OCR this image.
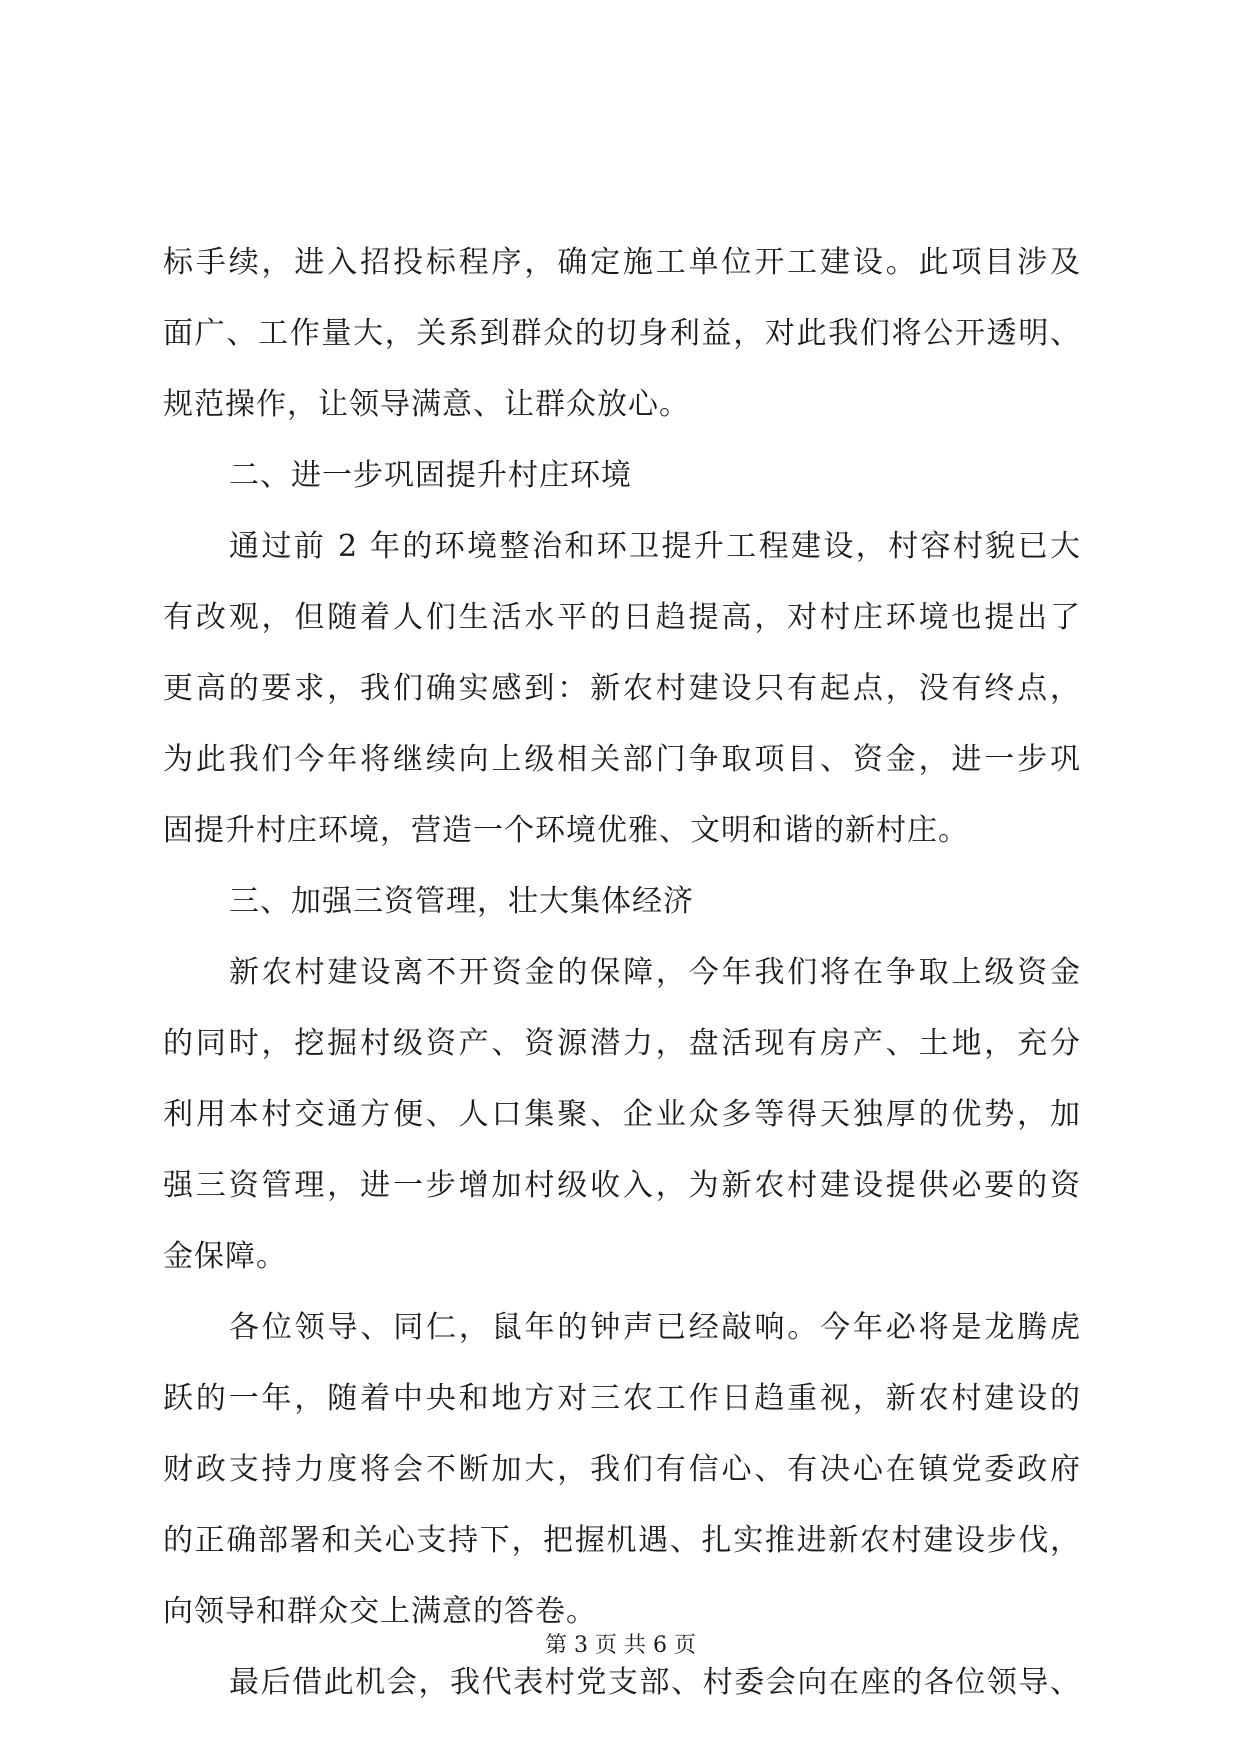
标手续，进入招投标程序，确定施工单位开工建设。此项目涉及
面广、工作量大，关系到群众的切身利益，对此我们将公开透明、
规范操作，让领导满意、让群众放心。
二、进一步巩固提升村庄环境
通过前 2 年的环境整治和环卫提升工程建设，村容村貌已大
有改观，但随着人们生活水平的日趋提高，对村庄环境也提出了
更高的要求，我们确实感到：新农村建设只有起点，没有终点，
为此我们今年将继续向上级相关部门争取项目、资金，进一步巩
固提升村庄环境，营造一个环境优雅、文明和谐的新村庄。
三、加强三资管理，壮大集体经济
新农村建设离不开资金的保障，今年我们将在争取上级资金
的同时，挖掘村级资产、资源潜力，盘活现有房产、土地，充分
利用本村交通方便、人口集聚、企业众多等得天独厚的优势，加
强三资管理，进一步增加村级收入，为新农村建设提供必要的资
金保障。
各位领导、同仁，鼠年的钟声已经敲响。今年必将是龙腾虎
跃的一年，随着中央和地方对三农工作日趋重视，新农村建设的
财政支持力度将会不断加大，我们有信心、有决心在镇党委政府
的正确部署和关心支持下，把握机遇、扎实推进新农村建设步伐，
向领导和群众交上满意的答卷。
最后借此机会，我代表村党支部、村委会向在座的各位领导、
第 3 页 共 6 页
